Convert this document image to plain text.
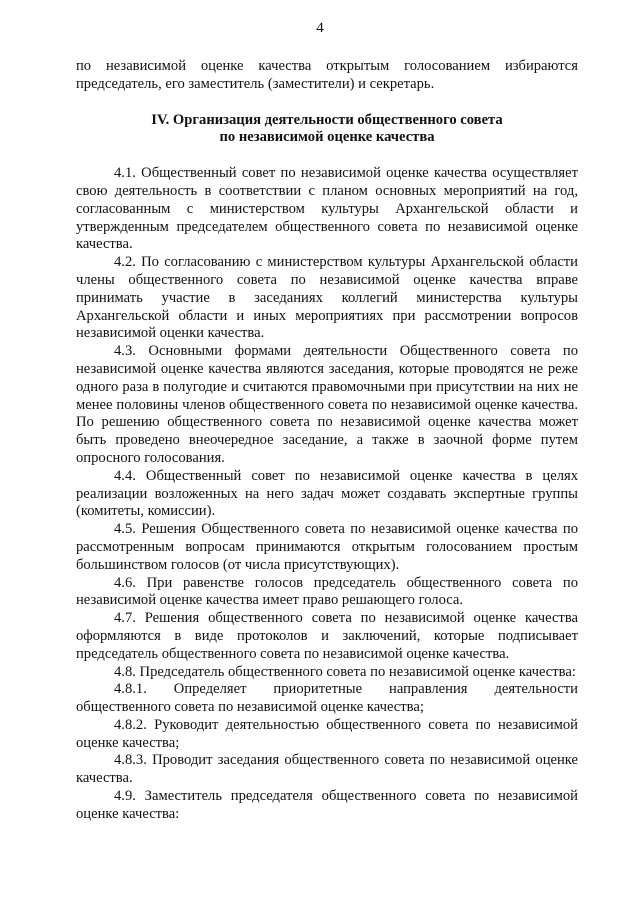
4

по независимой оценке качества открытым голосованием избираются председатель, его заместитель (заместители) и секретарь.

IV. Организация деятельности общественного совета
по независимой оценке качества

4.1. Общественный совет по независимой оценке качества осуществляет свою деятельность в соответствии с планом основных мероприятий на год, согласованным с министерством культуры Архангельской области и утвержденным председателем общественного совета по независимой оценке качества.

4.2. По согласованию с министерством культуры Архангельской области члены общественного совета по независимой оценке качества вправе принимать участие в заседаниях коллегий министерства культуры Архангельской области и иных мероприятиях при рассмотрении вопросов независимой оценки качества.

4.3. Основными формами деятельности Общественного совета по независимой оценке качества являются заседания, которые проводятся не реже одного раза в полугодие и считаются правомочными при присутствии на них не менее половины членов общественного совета по независимой оценке качества. По решению общественного совета по независимой оценке качества может быть проведено внеочередное заседание, а также в заочной форме путем опросного голосования.

4.4. Общественный совет по независимой оценке качества в целях реализации возложенных на него задач может создавать экспертные группы (комитеты, комиссии).

4.5. Решения Общественного совета по независимой оценке качества по рассмотренным вопросам принимаются открытым голосованием простым большинством голосов (от числа присутствующих).

4.6. При равенстве голосов председатель общественного совета по независимой оценке качества имеет право решающего голоса.

4.7. Решения общественного совета по независимой оценке качества оформляются в виде протоколов и заключений, которые подписывает председатель общественного совета по независимой оценке качества.

4.8. Председатель общественного совета по независимой оценке качества:

4.8.1. Определяет приоритетные направления деятельности общественного совета по независимой оценке качества;

4.8.2. Руководит деятельностью общественного совета по независимой оценке качества;

4.8.3. Проводит заседания общественного совета по независимой оценке качества.

4.9. Заместитель председателя общественного совета по независимой оценке качества:
